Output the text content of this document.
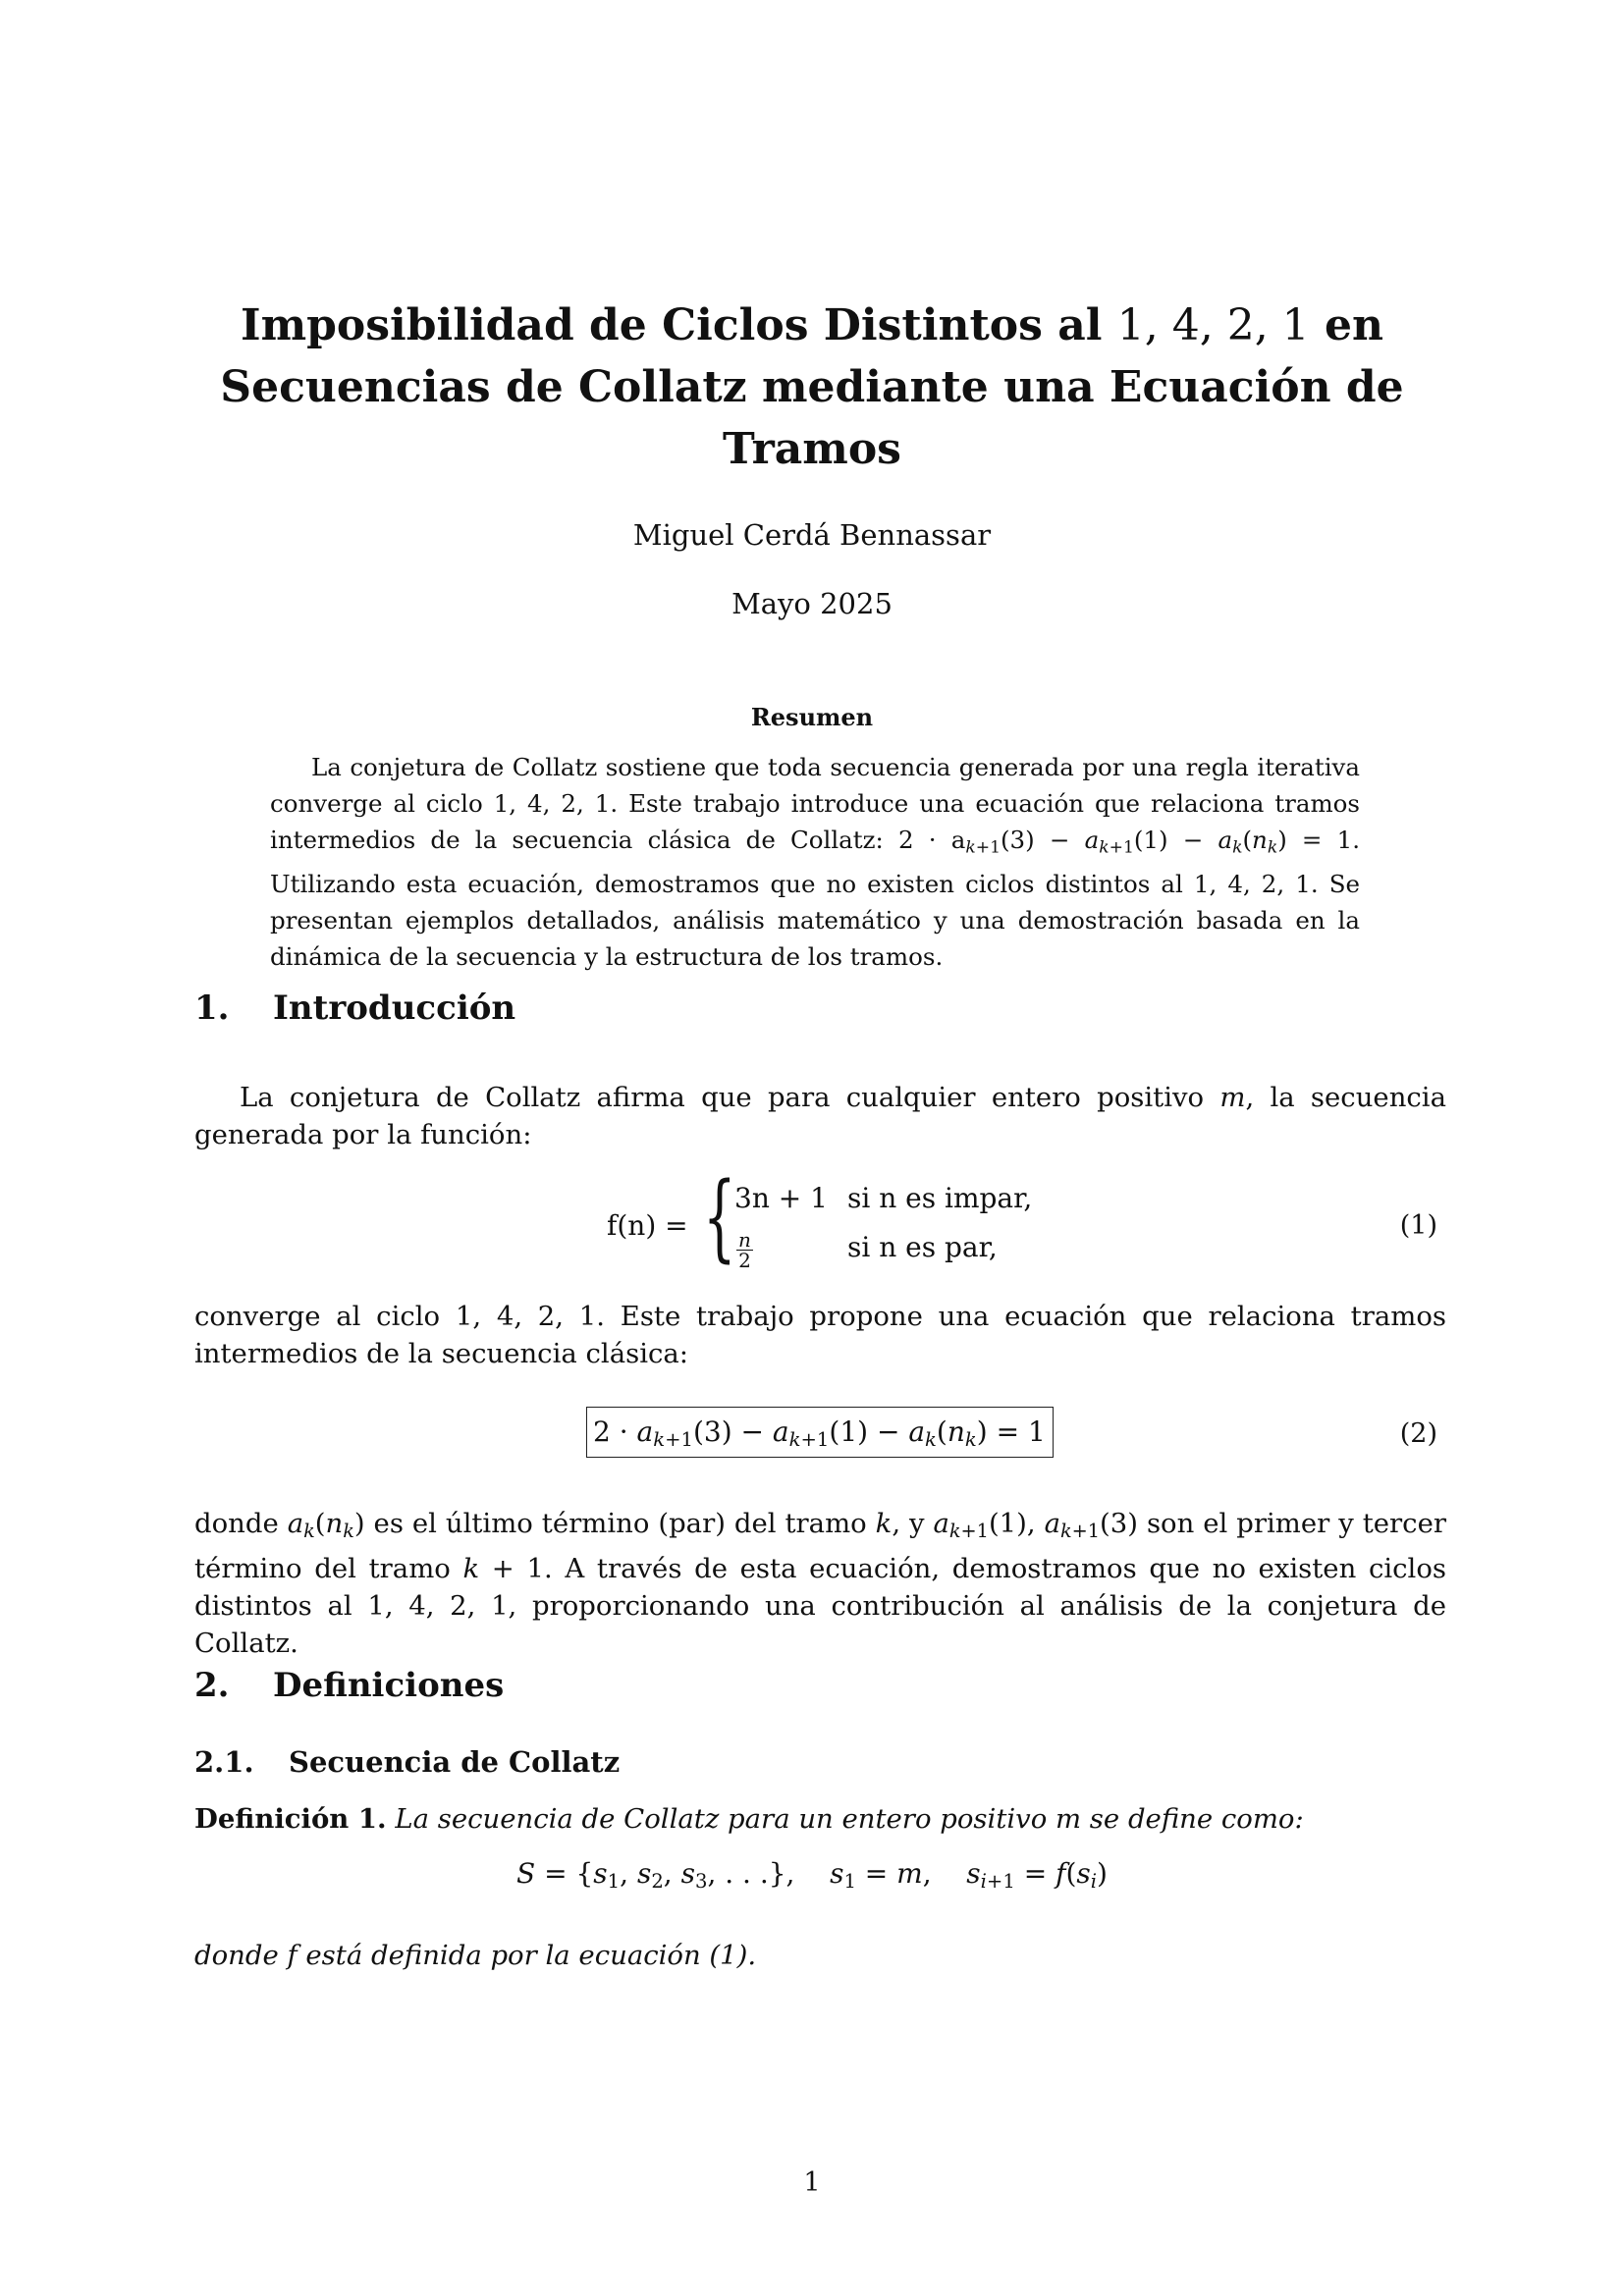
Imposibilidad de Ciclos Distintos al 1, 4, 2, 1 en
Secuencias de Collatz mediante una Ecuación de
Tramos
Miguel Cerdá Bennassar
Mayo 2025
Resumen

La conjetura de Collatz sostiene que toda secuencia generada por una regla iterativa converge al ciclo 1, 4, 2, 1. Este trabajo introduce una ecuación que relaciona tramos intermedios de la secuencia clásica de Collatz: $2 \cdot a_{k+1}(3) - a_{k+1}(1) - a_k(n_k) = 1$. Utilizando esta ecuación, demostramos que no existen ciclos distintos al 1, 4, 2, 1. Se presentan ejemplos detallados, análisis matemático y una demostración basada en la dinámica de la secuencia y la estructura de los tramos.

1. Introducción

La conjetura de Collatz afirma que para cualquier entero positivo m, la secuencia generada por la función:

f(n) = {
3n + 1 si n es impar,
$\frac{n}{2}$	si n es par,
(1)

converge al ciclo 1, 4, 2, 1. Este trabajo propone una ecuación que relaciona tramos intermedios de la secuencia clásica:

$2 \cdot a_{k+1}(3) - a_{k+1}(1) - a_k(n_k) = 1$	(2)

donde $a_k(n_k)$ es el último término (par) del tramo k, y $a_{k+1}(1)$, $a_{k+1}(3)$ son el primer y tercer término del tramo k + 1. A través de esta ecuación, demostramos que no existen ciclos distintos al 1, 4, 2, 1, proporcionando una contribución al análisis de la conjetura de Collatz.

2. Definiciones
2.1. Secuencia de Collatz

Definición 1. La secuencia de Collatz para un entero positivo m se define como:

$S = \{s_1$, $s_2$, $s_3$, . . .},    $s_1 = m$,    $s_{i+1} = f(s_i)$

donde f está definida por la ecuación (1).

1
